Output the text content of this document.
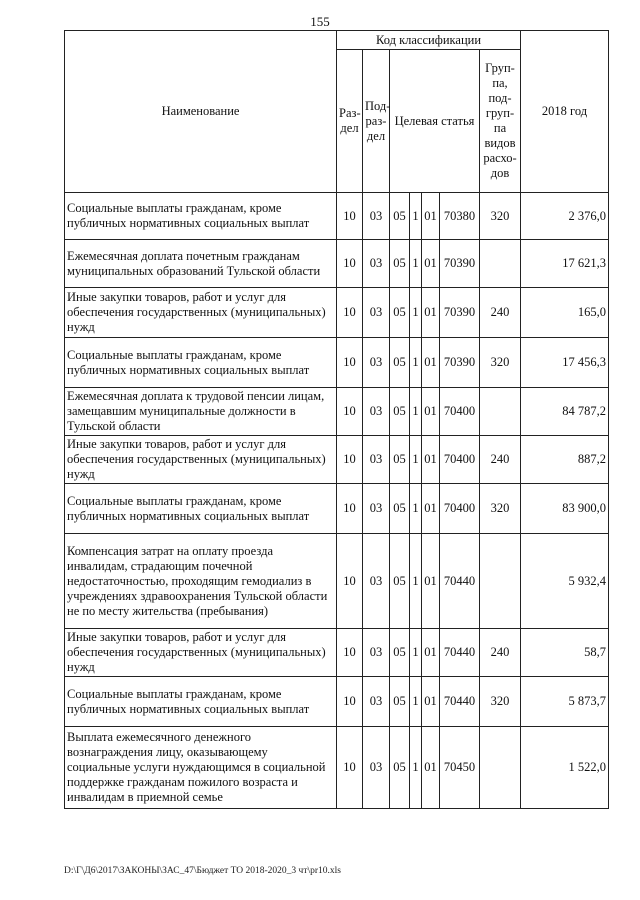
155
Наименование	Код классификации							2018 год
	Раз-дел	Под-раз-дел	Целевая статья				Груп-па, под-груп-па видов расхо-дов	
Социальные выплаты гражданам, кроме публичных нормативных социальных выплат	10	03	05	1	01	70380	320	2 376,0
Ежемесячная доплата почетным гражданам муниципальных образований Тульской области	10	03	05	1	01	70390		17 621,3
Иные закупки товаров, работ и услуг для обеспечения государственных (муниципальных) нужд	10	03	05	1	01	70390	240	165,0
Социальные выплаты гражданам, кроме публичных нормативных социальных выплат	10	03	05	1	01	70390	320	17 456,3
Ежемесячная доплата к трудовой пенсии лицам, замещавшим муниципальные должности в Тульской области	10	03	05	1	01	70400		84 787,2
Иные закупки товаров, работ и услуг для обеспечения государственных (муниципальных) нужд	10	03	05	1	01	70400	240	887,2
Социальные выплаты гражданам, кроме публичных нормативных социальных выплат	10	03	05	1	01	70400	320	83 900,0
Компенсация затрат на оплату проезда инвалидам, страдающим почечной недостаточностью, проходящим гемодиализ в учреждениях здравоохранения Тульской области не по месту жительства (пребывания)	10	03	05	1	01	70440		5 932,4
Иные закупки товаров, работ и услуг для обеспечения государственных (муниципальных) нужд	10	03	05	1	01	70440	240	58,7
Социальные выплаты гражданам, кроме публичных нормативных социальных выплат	10	03	05	1	01	70440	320	5 873,7
Выплата ежемесячного денежного вознаграждения лицу, оказывающему социальные услуги нуждающимся в социальной поддержке гражданам пожилого возраста и инвалидам в приемной семье	10	03	05	1	01	70450		1 522,0
D:\Г\Д6\2017\ЗАКОНЫ\ЗАС_47\Бюджет ТО 2018-2020_3 чт\pr10.xls
